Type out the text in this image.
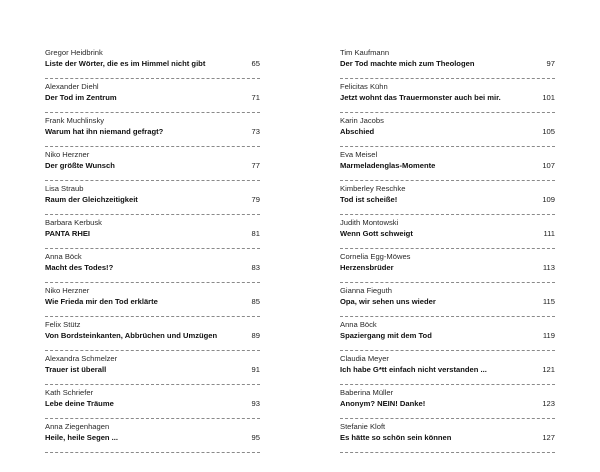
Gregor Heidbrink
Liste der Wörter, die es im Himmel nicht gibt	65
Alexander Diehl
Der Tod im Zentrum	71
Frank Muchlinsky
Warum hat ihn niemand gefragt?	73
Niko Herzner
Der größte Wunsch	77
Lisa Straub
Raum der Gleichzeitigkeit	79
Barbara Kerbusk
PANTA RHEI	81
Anna Böck
Macht des Todes!?	83
Niko Herzner
Wie Frieda mir den Tod erklärte	85
Felix Stütz
Von Bordsteinkanten, Abbrüchen und Umzügen	89
Alexandra Schmelzer
Trauer ist überall	91
Kath Schriefer
Lebe deine Träume	93
Anna Ziegenhagen
Heile, heile Segen ...	95
Tim Kaufmann
Der Tod machte mich zum Theologen	97
Felicitas Kühn
Jetzt wohnt das Trauermonster auch bei mir.	101
Karin Jacobs
Abschied	105
Eva Meisel
Marmeladenglas-Momente	107
Kimberley Reschke
Tod ist scheiße!	109
Judith Montowski
Wenn Gott schweigt	111
Cornelia Egg-Möwes
Herzensbrüder	113
Gianna Fieguth
Opa, wir sehen uns wieder	115
Anna Böck
Spaziergang mit dem Tod	119
Claudia Meyer
Ich habe G*tt einfach nicht verstanden ...	121
Baberina Müller
Anonym? NEIN! Danke!	123
Stefanie Kloft
Es hätte so schön sein können	127
